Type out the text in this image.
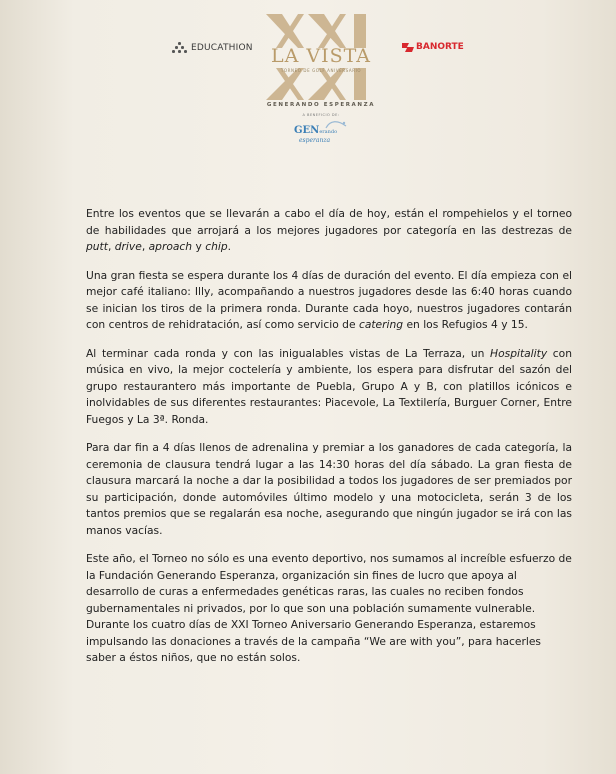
EDUCATHION LA VISTA
TORNEO DE GOLF ANIVERSARIO
GENERANDO ESPERANZA
BANORTE
A BENEFICIO DE:
GENerando
esperanza

Entre los eventos que se llevarán a cabo el día de hoy, están el rompehielos y el torneo de habilidades que arrojará a los mejores jugadores por categoría en las destrezas de putt, drive, aproach y chip.

Una gran fiesta se espera durante los 4 días de duración del evento. El día empieza con el mejor café italiano: Illy, acompañando a nuestros jugadores desde las 6:40 horas cuando se inician los tiros de la primera ronda. Durante cada hoyo, nuestros jugadores contarán con centros de rehidratación, así como servicio de catering en los Refugios 4 y 15.

Al terminar cada ronda y con las inigualables vistas de La Terraza, un Hospitality con música en vivo, la mejor coctelería y ambiente, los espera para disfrutar del sazón del grupo restaurantero más importante de Puebla, Grupo A y B, con platillos icónicos e inolvidables de sus diferentes restaurantes: Piacevole, La Textilería, Burguer Corner, Entre Fuegos y La 3ª. Ronda.

Para dar fin a 4 días llenos de adrenalina y premiar a los ganadores de cada categoría, la ceremonia de clausura tendrá lugar a las 14:30 horas del día sábado. La gran fiesta de clausura marcará la noche a dar la posibilidad a todos los jugadores de ser premiados por su participación, donde automóviles último modelo y una motocicleta, serán 3 de los tantos premios que se regalarán esa noche, asegurando que ningún jugador se irá con las manos vacías.

Este año, el Torneo no sólo es una evento deportivo, nos sumamos al increíble esfuerzo de la Fundación Generando Esperanza, organización sin fines de lucro que apoya al desarrollo de curas a enfermedades genéticas raras, las cuales no reciben fondos gubernamentales ni privados, por lo que son una población sumamente vulnerable. Durante los cuatro días de XXI Torneo Aniversario Generando Esperanza, estaremos impulsando las donaciones a través de la campaña “We are with you”, para hacerles saber a éstos niños, que no están solos.
